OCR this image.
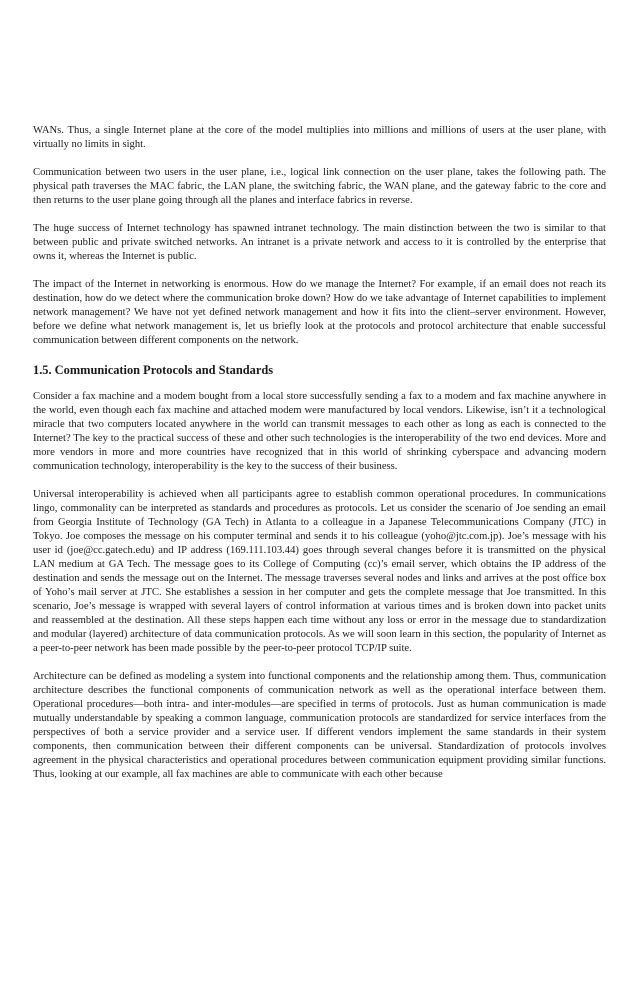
WANs. Thus, a single Internet plane at the core of the model multiplies into millions and millions of users at the user plane, with virtually no limits in sight.

Communication between two users in the user plane, i.e., logical link connection on the user plane, takes the following path. The physical path traverses the MAC fabric, the LAN plane, the switching fabric, the WAN plane, and the gateway fabric to the core and then returns to the user plane going through all the planes and interface fabrics in reverse.

The huge success of Internet technology has spawned intranet technology. The main distinction between the two is similar to that between public and private switched networks. An intranet is a private network and access to it is controlled by the enterprise that owns it, whereas the Internet is public.

The impact of the Internet in networking is enormous. How do we manage the Internet? For example, if an email does not reach its destination, how do we detect where the communication broke down? How do we take advantage of Internet capabilities to implement network management? We have not yet defined network management and how it fits into the client–server environment. However, before we define what network management is, let us briefly look at the protocols and protocol architecture that enable successful communication between different components on the network.

1.5. Communication Protocols and Standards

Consider a fax machine and a modem bought from a local store successfully sending a fax to a modem and fax machine anywhere in the world, even though each fax machine and attached modem were manufactured by local vendors. Likewise, isn’t it a technological miracle that two computers located anywhere in the world can transmit messages to each other as long as each is connected to the Internet? The key to the practical success of these and other such technologies is the interoperability of the two end devices. More and more vendors in more and more countries have recognized that in this world of shrinking cyberspace and advancing modern communication technology, interoperability is the key to the success of their business.

Universal interoperability is achieved when all participants agree to establish common operational procedures. In communications lingo, commonality can be interpreted as standards and procedures as protocols. Let us consider the scenario of Joe sending an email from Georgia Institute of Technology (GA Tech) in Atlanta to a colleague in a Japanese Telecommunications Company (JTC) in Tokyo. Joe composes the message on his computer terminal and sends it to his colleague (yoho@jtc.com.jp). Joe’s message with his user id (joe@cc.gatech.edu) and IP address (169.111.103.44) goes through several changes before it is transmitted on the physical LAN medium at GA Tech. The message goes to its College of Computing (cc)’s email server, which obtains the IP address of the destination and sends the message out on the Internet. The message traverses several nodes and links and arrives at the post office box of Yoho’s mail server at JTC. She establishes a session in her computer and gets the complete message that Joe transmitted. In this scenario, Joe’s message is wrapped with several layers of control information at various times and is broken down into packet units and reassembled at the destination. All these steps happen each time without any loss or error in the message due to standardization and modular (layered) architecture of data communication protocols. As we will soon learn in this section, the popularity of Internet as a peer-to-peer network has been made possible by the peer-to-peer protocol TCP/IP suite.

Architecture can be defined as modeling a system into functional components and the relationship among them. Thus, communication architecture describes the functional components of communication network as well as the operational interface between them. Operational procedures—both intra- and inter-modules—are specified in terms of protocols. Just as human communication is made mutually understandable by speaking a common language, communication protocols are standardized for service interfaces from the perspectives of both a service provider and a service user. If different vendors implement the same standards in their system components, then communication between their different components can be universal. Standardization of protocols involves agreement in the physical characteristics and operational procedures between communication equipment providing similar functions. Thus, looking at our example, all fax machines are able to communicate with each other because
